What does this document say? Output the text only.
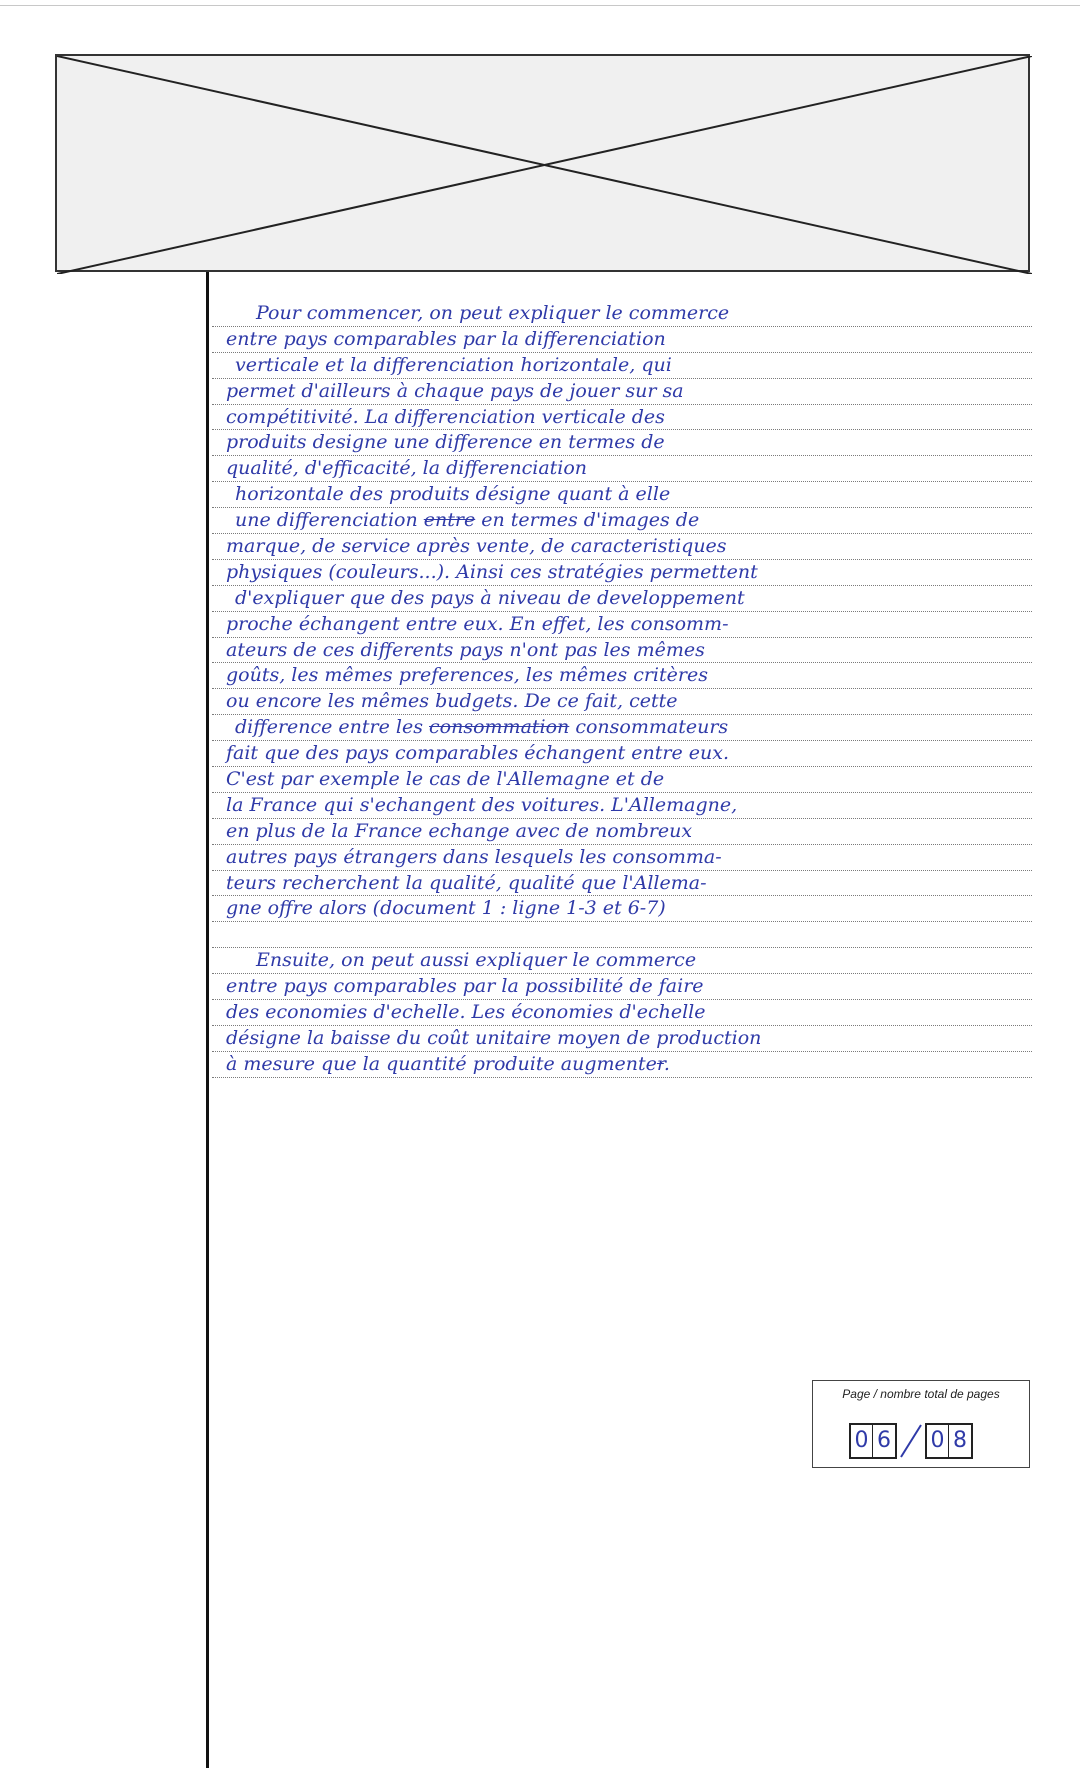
Pour commencer, on peut expliquer le commerce
entre pays comparables par la differenciation
verticale et la differenciation horizontale, qui
permet d'ailleurs à chaque pays de jouer sur sa
compétitivité. La differenciation verticale des
produits designe une difference en termes de
qualité, d'efficacité, la differenciation
horizontale des produits désigne quant à elle
une differenciation entre en termes d'images de
marque, de service après vente, de caracteristiques
physiques (couleurs...). Ainsi ces stratégies permettent
d'expliquer que des pays à niveau de developpement
proche échangent entre eux. En effet, les consomm-
ateurs de ces differents pays n'ont pas les mêmes
goûts, les mêmes preferences, les mêmes critères
ou encore les mêmes budgets. De ce fait, cette
difference entre les consommation consommateurs
fait que des pays comparables échangent entre eux.
C'est par exemple le cas de l'Allemagne et de
la France qui s'echangent des voitures. L'Allemagne,
en plus de la France echange avec de nombreux
autres pays étrangers dans lesquels les consomma-
teurs recherchent la qualité, qualité que l'Allema-
gne offre alors (document 1 : ligne 1-3 et 6-7)
Ensuite, on peut aussi expliquer le commerce
entre pays comparables par la possibilité de faire
des economies d'echelle. Les économies d'echelle
désigne la baisse du coût unitaire moyen de production
à mesure que la quantité produite augmenter.
Page / nombre total de pages
0 6 0 8
